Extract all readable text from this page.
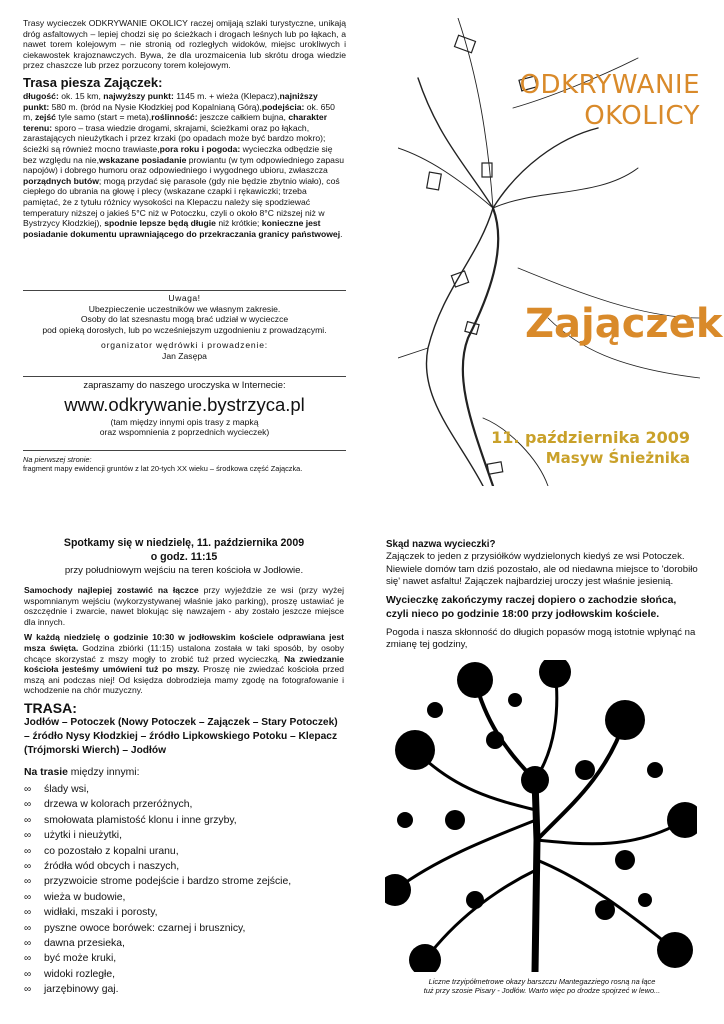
Trasy wycieczek ODKRYWANIE OKOLICY raczej omijają szlaki turystyczne, unikają dróg asfaltowych – lepiej chodzi się po ścieżkach i drogach leśnych lub po łąkach, a nawet torem kolejowym – nie stronią od rozległych widoków, miejsc urokliwych i ciekawostek krajoznawczych. Bywa, że dla urozmaicenia lub skrótu droga wiedzie przez chaszcze lub przez porzucony torem kolejowym.

Trasa piesza Zajączek:

długość: ok. 15 km, najwyższy punkt: 1145 m. + wieża (Klepacz),najniższy punkt: 580 m. (bród na Nysie Kłodzkiej pod Kopalnianą Górą),podejścia: ok. 650 m, zejść tyle samo (start = meta),roślinność: jeszcze całkiem bujna, charakter terenu: sporo – trasa wiedzie drogami, skrajami, ścieżkami oraz po łąkach, zarastających nieużytkach i przez krzaki (po opadach może być bardzo mokro); ścieżki są również mocno trawiaste,pora roku i pogoda: wycieczka odbędzie się bez względu na nie,wskazane posiadanie prowiantu (w tym odpowiedniego zapasu napojów) i dobrego humoru oraz odpowiedniego i wygodnego ubioru, zwłaszcza porządnych butów; mogą przydać się parasole (gdy nie będzie zbytnio wiało), coś ciepłego do ubrania na głowę i plecy (wskazane czapki i rękawiczki; trzeba pamiętać, że z tytułu różnicy wysokości na Klepaczu należy się spodziewać temperatury niższej o jakieś 5°C niż w Potoczku, czyli o około 8°C niższej niż w Bystrzycy Kłodzkiej), spodnie lepsze będą długie niż krótkie; konieczne jest posiadanie dokumentu uprawniającego do przekraczania granicy państwowej.

Uwaga!

Ubezpieczenie uczestników we własnym zakresie.

Osoby do lat szesnastu mogą brać udział w wycieczce

pod opieką dorosłych, lub po wcześniejszym uzgodnieniu z prowadzącymi.

organizator wędrówki i prowadzenie:

Jan Zasępa

zapraszamy do naszego uroczyska w Internecie:

www.odkrywanie.bystrzyca.pl

(tam między innymi opis trasy z mapką

oraz wspomnienia z poprzednich wycieczek)

Na pierwszej stronie:

fragment mapy ewidencji gruntów z lat 20-tych XX wieku – środkowa część Zajączka.

ODKRYWANIE

OKOLICY

Zajączek

11. października 2009

Masyw Śnieżnika

Spotkamy się w niedzielę, 11. października 2009

o godz. 11:15

przy południowym wejściu na teren kościoła w Jodłowie.

Samochody najlepiej zostawić na łączce przy wyjeździe ze wsi (przy wyżej wspomnianym wejściu (wykorzystywanej właśnie jako parking), proszę ustawiać je oszczędnie i zwarcie, nawet blokując się nawzajem - aby zostało jeszcze miejsce dla innych.

W każdą niedzielę o godzinie 10:30 w jodłowskim kościele odprawiana jest msza święta. Godzina zbiórki (11:15) ustalona została w taki sposób, by osoby chcące skorzystać z mszy mogły to zrobić tuż przed wycieczką. Na zwiedzanie kościoła jesteśmy umówieni tuż po mszy. Proszę nie zwiedzać kościoła przed mszą ani podczas niej! Od księdza dobrodzieja mamy zgodę na fotografowanie i wchodzenie na chór muzyczny.

TRASA:

Jodłów – Potoczek (Nowy Potoczek – Zajączek – Stary Potoczek) – źródło Nysy Kłodzkiej – źródło Lipkowskiego Potoku – Klepacz (Trójmorski Wierch) – Jodłów

Na trasie między innymi:

∞ ślady wsi,
∞ drzewa w kolorach przeróżnych,
∞ smołowata plamistość klonu i inne grzyby,
∞ użytki i nieużytki,
∞ co pozostało z kopalni uranu,
∞ źródła wód obcych i naszych,
∞ przyzwoicie strome podejście i bardzo strome zejście,
∞ wieża w budowie,
∞ widłaki, mszaki i porosty,
∞ pyszne owoce borówek: czarnej i brusznicy,
∞ dawna przesieka,
∞ być może kruki,
∞ widoki rozległe,
∞ jarzębinowy gaj.

Skąd nazwa wycieczki?

Zajączek to jeden z przysiółków wydzielonych kiedyś ze wsi Potoczek. Niewiele domów tam dziś pozostało, ale od niedawna miejsce to 'dorobiło się' nawet asfaltu! Zajączek najbardziej uroczy jest właśnie jesienią.

Wycieczkę zakończymy raczej dopiero o zachodzie słońca, czyli nieco po godzinie 18:00 przy jodłowskim kościele.

Pogoda i nasza skłonność do długich popasów mogą istotnie wpłynąć na zmianę tej godziny,

Liczne trzyipółmetrowe okazy barszczu Mantegazziego rosną na łące

tuż przy szosie Pisary - Jodłów. Warto więc po drodze spojrzeć w lewo...
